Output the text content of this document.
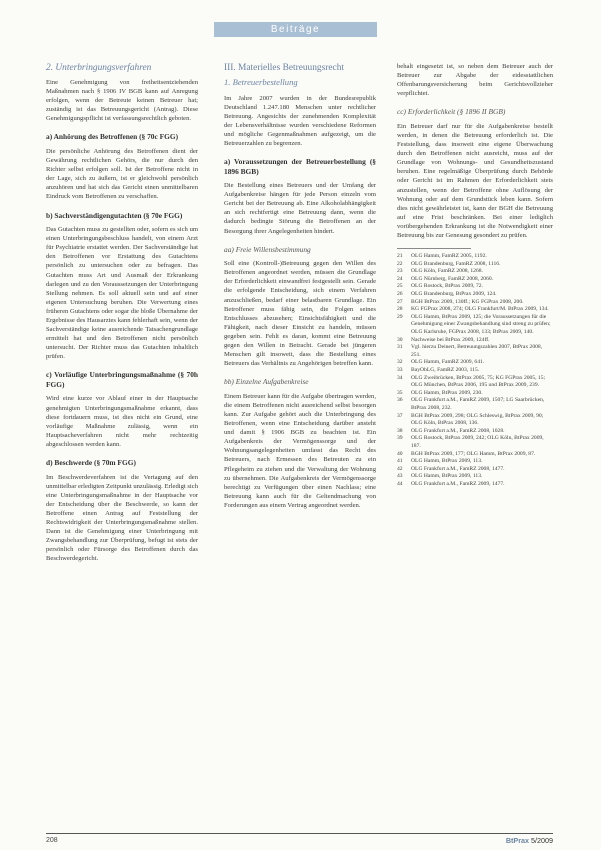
Beiträge
2. Unterbringungsverfahren

Eine Genehmigung von freiheitsentziehenden Maßnahmen nach § 1906 IV BGB kann auf Anregung erfolgen, wenn der Betreute keinen Betreuer hat; zuständig ist das Betreuungsgericht (Antrag). Diese Genehmigungspflicht ist verfassungsrechtlich geboten.

a) Anhörung des Betroffenen (§ 70c FGG)

Die persönliche Anhörung des Betroffenen dient der Gewährung rechtlichen Gehörs, die nur durch den Richter selbst erfolgen soll. Ist der Betroffene nicht in der Lage, sich zu äußern, ist er gleichwohl persönlich anzuhören und hat sich das Gericht einen unmittelbaren Eindruck vom Betroffenen zu verschaffen.

b) Sachverständigengutachten (§ 70e FGG)

Das Gutachten muss zu gestellten oder, sofern es sich um einen Unterbringungsbeschluss handelt, von einem Arzt für Psychiatrie erstattet werden. Der Sachverständige hat den Betroffenen vor Erstattung des Gutachtens persönlich zu untersuchen oder zu befragen. Das Gutachten muss Art und Ausmaß der Erkrankung darlegen und zu den Voraussetzungen der Unterbringung Stellung nehmen. Es soll aktuell sein und auf einer eigenen Untersuchung beruhen. Die Verwertung eines früheren Gutachtens oder sogar die bloße Übernahme der Ergebnisse des Hausarztes kann fehlerhaft sein, wenn der Sachverständige keine ausreichende Tatsachengrundlage ermittelt hat und den Betroffenen nicht persönlich untersucht. Der Richter muss das Gutachten inhaltlich prüfen.

c) Vorläufige Unterbringungsmaßnahme (§ 70h FGG)

Wird eine kurze vor Ablauf einer in der Hauptsache genehmigten Unterbringungsmaßnahme erkannt, dass diese fortdauern muss, ist dies nicht ein Grund, eine vorläufige Maßnahme zulässig, wenn ein Hauptsacheverfahren nicht mehr rechtzeitig abgeschlossen werden kann.

d) Beschwerde (§ 70m FGG)

Im Beschwerdeverfahren ist die Vertagung auf den unmittelbar erledigten Zeitpunkt unzulässig. Erledigt sich eine Unterbringungsmaßnahme in der Hauptsache vor der Entscheidung über die Beschwerde, so kann der Betroffene einen Antrag auf Feststellung der Rechtswidrigkeit der Unterbringungsmaßnahme stellen. Dann ist die Genehmigung einer Unterbringung mit Zwangsbehandlung zur Überprüfung, befugt ist stets der persönlich oder Fürsorge des Betroffenen durch das Beschwerdegericht.

III. Materielles Betreuungsrecht
1. Betreuerbestellung

Im Jahre 2007 wurden in der Bundesrepublik Deutschland 1.247.180 Menschen unter rechtlicher Betreuung. Angesichts der zunehmenden Komplexität der Lebensverhältnisse wurden verschiedene Reformen und mögliche Gegenmaßnahmen aufgezeigt, um die Betreuerzahlen zu begrenzen.

a) Voraussetzungen der Betreuerbestellung (§ 1896 BGB)

Die Bestellung eines Betreuers und der Umfang der Aufgabenkreise hängen für jede Person einzeln vom Gericht bei der Betreuung ab. Eine Alkoholabhängigkeit an sich rechtfertigt eine Betreuung dann, wenn die dadurch bedingte Störung die Betroffenen an der Besorgung ihrer Angelegenheiten hindert.

aa) Freie Willensbestimmung

Soll eine (Kontroll-)Betreuung gegen den Willen des Betroffenen angeordnet werden, müssen die Grundlage der Erforderlichkeit einwandfrei festgestellt sein. Gerade die erfolgende Entscheidung, sich einem Verfahren anzuschließen, bedarf einer belastbaren Grundlage. Ein Betroffener muss fähig sein, die Folgen seines Entschlusses abzusehen; Einsichtsfähigkeit und die Fähigkeit, nach dieser Einsicht zu handeln, müssen gegeben sein. Fehlt es daran, kommt eine Betreuung gegen den Willen in Betracht. Gerade bei jüngeren Menschen gilt insoweit, dass die Bestellung eines Betreuers das Verhältnis zu Angehörigen betreffen kann.

bb) Einzelne Aufgabenkreise

Einem Betreuer kann für die Aufgabe übertragen werden, die einem Betroffenen nicht ausreichend selbst besorgen kann. Zur Aufgabe gehört auch die Unterbringung des Betroffenen, wenn eine Entscheidung darüber ansteht und damit § 1906 BGB zu beachten ist. Ein Aufgabenkreis der Vermögenssorge und der Wohnungsangelegenheiten umfasst das Recht des Betreuers, nach Ermessen des Betreuten zu ein Pflegeheim zu ziehen und die Verwaltung der Wohnung zu übernehmen. Die Aufgabenkreis der Vermögenssorge berechtigt zu Verfügungen über einen Nachlass; eine Betreuung kann auch für die Geltendmachung von Forderungen aus einem Vertrag angeordnet werden.

behalt eingesetzt ist, so neben dem Betreuer auch der Betreuer zur Abgabe der eidesstattlichen Offenbarungsversicherung beim Gerichtsvollzieher verpflichtet.

cc) Erforderlichkeit (§ 1896 II BGB)

Ein Betreuer darf nur für die Aufgabenkreise bestellt werden, in denen die Betreuung erforderlich ist. Die Feststellung, dass insoweit eine eigene Überwachung durch den Betroffenen nicht ausreicht, muss auf der Grundlage von Wohnungs- und Gesundheitszustand beruhen. Eine regelmäßige Überprüfung durch Behörde oder Gericht ist im Rahmen der Erforderlichkeit stets anzustellen, wenn der Betroffene ohne Auflösung der Wohnung oder auf dem Grundstück leben kann. Sofern dies nicht gewährleistet ist, kann der BGH die Betreuung auf eine Frist beschränken. Bei einer lediglich vorübergehenden Erkrankung ist die Notwendigkeit einer Betreuung bis zur Genesung gesondert zu prüfen.

21	OLG Hamm, FamRZ 2005, 1192.
22	OLG Brandenburg, FamRZ 2008, 1116.
23	OLG Köln, FamRZ 2008, 1268.
24	OLG Nürnberg, FamRZ 2008, 2060.
25	OLG Rostock, BtPrax 2009, 72.
26	OLG Brandenburg, BtPrax 2009, 124.
27	BGH BtPrax 2009, 130ff.; KG FGPrax 2008, 200.
28	KG FGPrax 2008, 274; OLG Frankfurt/M. BtPrax 2009, 134.
29	OLG Hamm, BtPrax 2009, 125; die Voraussetzungen für die Genehmigung einer Zwangsbehandlung sind streng zu prüfen; OLG Karlsruhe, FGPrax 2008, 133; BtPrax 2009, 140.
30	Nachweise bei BtPrax 2009, 124ff.
31	Vgl. hierzu Deinert, Betreuungszahlen 2007, BtPrax 2008, 251.
32	OLG Hamm, FamRZ 2009, 641.
33	BayObLG, FamRZ 2003, 115.
34	OLG Zweibrücken, BtPrax 2005, 75; KG FGPrax 2005, 15; OLG München, BtPrax 2006, 195 und BtPrax 2009, 239.
35	OLG Hamm, BtPrax 2009, 230.
36	OLG Frankfurt a.M., FamRZ 2009, 1507; LG Saarbrücken, BtPrax 2008, 232.
37	BGH BtPrax 2009, 298; OLG Schleswig, BtPrax 2009, 90; OLG Köln, BtPrax 2008, 136.
38	OLG Frankfurt a.M., FamRZ 2008, 1028.
39	OLG Rostock, BtPrax 2009, 242; OLG Köln, BtPrax 2009, 187.
40	BGH BtPrax 2009, 177; OLG Hamm, BtPrax 2009, 87.
41	OLG Hamm, BtPrax 2009, 113.
42	OLG Frankfurt a.M., FamRZ 2008, 1477.
43	OLG Hamm, BtPrax 2009, 113.
44	OLG Frankfurt a.M., FamRZ 2009, 1477.
208	BtPrax 5/2009
